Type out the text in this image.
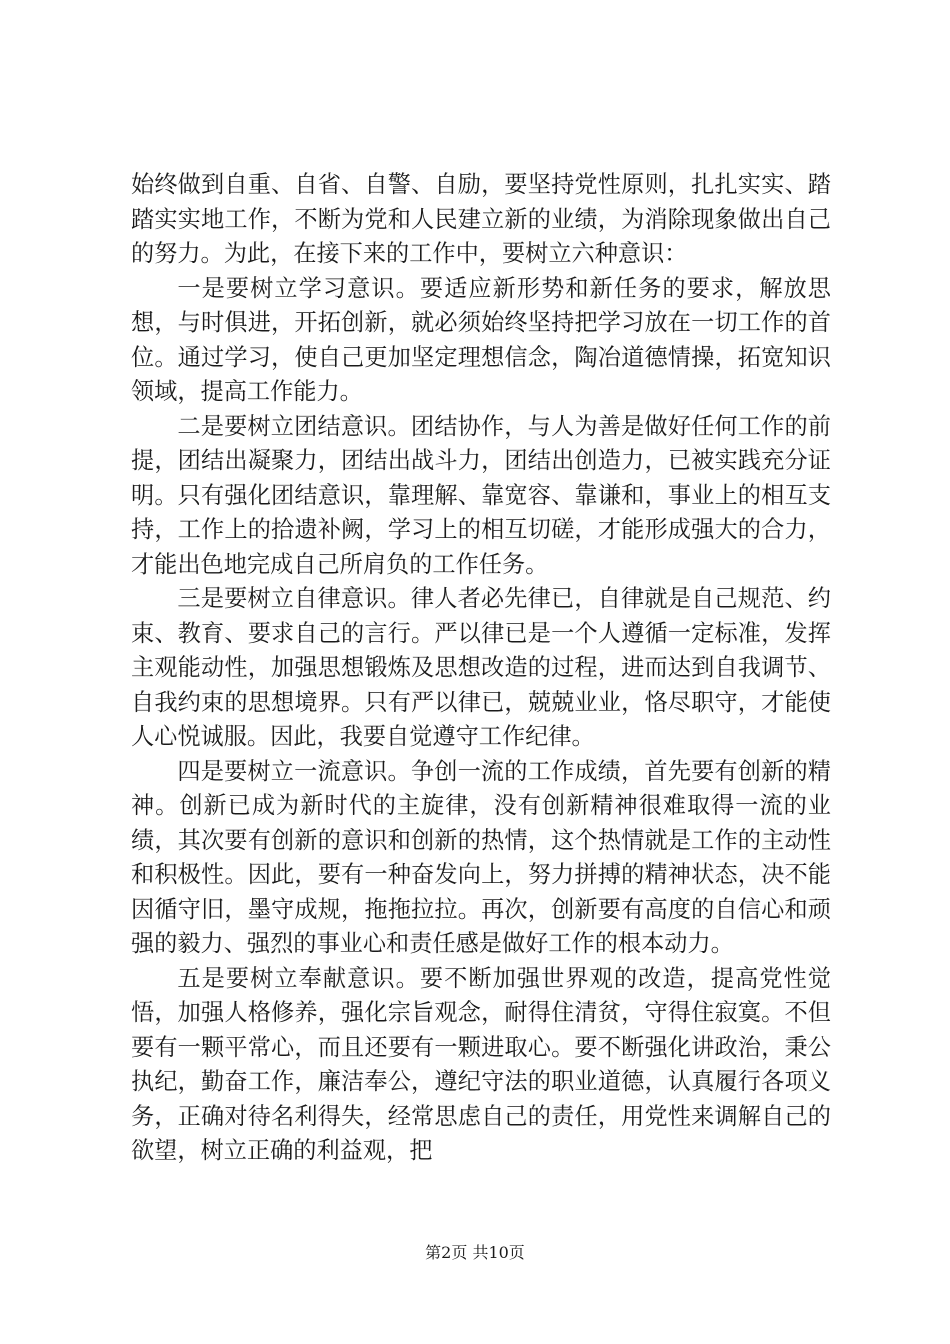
始终做到自重、自省、自警、自励，要坚持党性原则，扎扎实实、踏踏实实地工作，不断为党和人民建立新的业绩，为消除现象做出自己的努力。为此，在接下来的工作中，要树立六种意识：

一是要树立学习意识。要适应新形势和新任务的要求，解放思想，与时俱进，开拓创新，就必须始终坚持把学习放在一切工作的首位。通过学习，使自己更加坚定理想信念，陶冶道德情操，拓宽知识领域，提高工作能力。

二是要树立团结意识。团结协作，与人为善是做好任何工作的前提，团结出凝聚力，团结出战斗力，团结出创造力，已被实践充分证明。只有强化团结意识，靠理解、靠宽容、靠谦和，事业上的相互支持，工作上的拾遗补阙，学习上的相互切磋，才能形成强大的合力，才能出色地完成自己所肩负的工作任务。

三是要树立自律意识。律人者必先律已，自律就是自己规范、约束、教育、要求自己的言行。严以律已是一个人遵循一定标准，发挥主观能动性，加强思想锻炼及思想改造的过程，进而达到自我调节、自我约束的思想境界。只有严以律已，兢兢业业，恪尽职守，才能使人心悦诚服。因此，我要自觉遵守工作纪律。

四是要树立一流意识。争创一流的工作成绩，首先要有创新的精神。创新已成为新时代的主旋律，没有创新精神很难取得一流的业绩，其次要有创新的意识和创新的热情，这个热情就是工作的主动性和积极性。因此，要有一种奋发向上，努力拼搏的精神状态，决不能因循守旧，墨守成规，拖拖拉拉。再次，创新要有高度的自信心和顽强的毅力、强烈的事业心和责任感是做好工作的根本动力。

五是要树立奉献意识。要不断加强世界观的改造，提高党性觉悟，加强人格修养，强化宗旨观念，耐得住清贫，守得住寂寞。不但要有一颗平常心，而且还要有一颗进取心。要不断强化讲政治，秉公执纪，勤奋工作，廉洁奉公，遵纪守法的职业道德，认真履行各项义务，正确对待名利得失，经常思虑自己的责任，用党性来调解自己的欲望，树立正确的利益观，把

第2页 共10页
